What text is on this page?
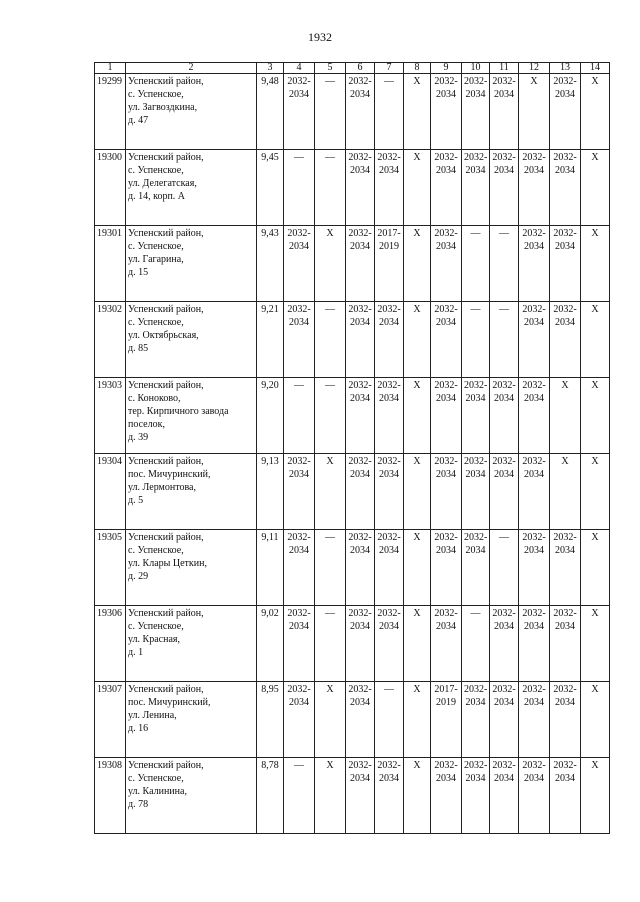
1932
1	2	3	4	5	6	7	8	9	10	11	12	13	14
19299	Успенский район,
с. Успенское,
ул. Загвоздкина,
д. 47	9,48	2032-
2034	—	2032-
2034	—	Х	2032-
2034	2032-
2034	2032-
2034	Х	2032-
2034	Х
19300	Успенский район,
с. Успенское,
ул. Делегатская,
д. 14, корп. А	9,45	—	—	2032-
2034	2032-
2034	Х	2032-
2034	2032-
2034	2032-
2034	2032-
2034	2032-
2034	Х
19301	Успенский район,
с. Успенское,
ул. Гагарина,
д. 15	9,43	2032-
2034	Х	2032-
2034	2017-
2019	Х	2032-
2034	—	—	2032-
2034	2032-
2034	Х
19302	Успенский район,
с. Успенское,
ул. Октябрьская,
д. 85	9,21	2032-
2034	—	2032-
2034	2032-
2034	Х	2032-
2034	—	—	2032-
2034	2032-
2034	Х
19303	Успенский район,
с. Коноково,
тер. Кирпичного завода
поселок,
д. 39	9,20	—	—	2032-
2034	2032-
2034	Х	2032-
2034	2032-
2034	2032-
2034	2032-
2034	Х	Х
19304	Успенский район,
пос. Мичуринский,
ул. Лермонтова,
д. 5	9,13	2032-
2034	Х	2032-
2034	2032-
2034	Х	2032-
2034	2032-
2034	2032-
2034	2032-
2034	Х	Х
19305	Успенский район,
с. Успенское,
ул. Клары Цеткин,
д. 29	9,11	2032-
2034	—	2032-
2034	2032-
2034	Х	2032-
2034	2032-
2034	—	2032-
2034	2032-
2034	Х
19306	Успенский район,
с. Успенское,
ул. Красная,
д. 1	9,02	2032-
2034	—	2032-
2034	2032-
2034	Х	2032-
2034	—	2032-
2034	2032-
2034	2032-
2034	Х
19307	Успенский район,
пос. Мичуринский,
ул. Ленина,
д. 16	8,95	2032-
2034	Х	2032-
2034	—	Х	2017-
2019	2032-
2034	2032-
2034	2032-
2034	2032-
2034	Х
19308	Успенский район,
с. Успенское,
ул. Калинина,
д. 78	8,78	—	Х	2032-
2034	2032-
2034	Х	2032-
2034	2032-
2034	2032-
2034	2032-
2034	2032-
2034	Х
